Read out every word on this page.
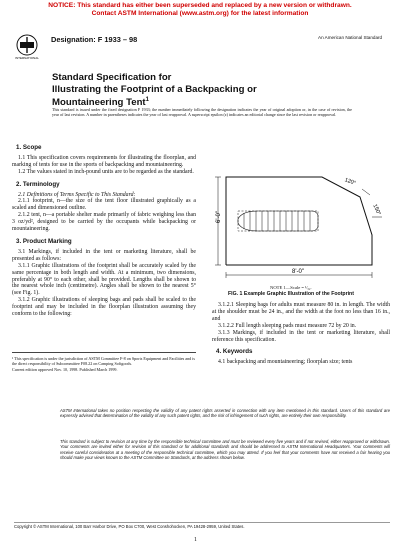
NOTICE: This standard has either been superseded and replaced by a new version or withdrawn.
Contact ASTM International (www.astm.org) for the latest information
INTERNATIONAL
Designation: F 1933 – 98	An American National Standard
Standard Specification for
Illustrating the Footprint of a Backpacking or
Mountaineering Tent$^1$
This standard is issued under the fixed designation F 1933; the number immediately following the designation indicates the year of original adoption or, in the case of revision, the year of last revision. A number in parentheses indicates the year of last reapproval. A superscript epsilon (ε) indicates an editorial change since the last revision or reapproval.
1. Scope

1.1 This specification covers requirements for illustrating the floorplan, and marking of tents for use in the sports of backpacking and mountaineering.

1.2 The values stated in inch-pound units are to be regarded as the standard.

2. Terminology

2.1 Definitions of Terms Specific to This Standard:

2.1.1 footprint, n—the size of the tent floor illustrated graphically as a scaled and dimensioned outline.

2.1.2 tent, n—a portable shelter made primarily of fabric weighing less than 3 oz/yd², designed to be carried by the occupants while backpacking or mountaineering.

3. Product Marking

3.1 Markings, if included in the tent or marketing literature, shall be presented as follows:

3.1.1 Graphic illustrations of the footprint shall be accurately scaled by the same percentage in both length and width. At a minimum, two dimensions, preferably at 90° to each other, shall be provided. Lengths shall be shown to the nearest whole inch (centimetre). Angles shall be shown to the nearest 5° (see Fig. 1).

3.1.2 Graphic illustrations of sleeping bags and pads shall be scaled to the footprint and may be included in the floorplan illustration assuming they conform to the following:

¹ This specification is under the jurisdiction of ASTM Committee F-8 on Sports Equipment and Facilities and is the direct responsibility of Subcommittee F08.22 on Camping Softgoods.

Current edition approved Nov. 10, 1998. Published March 1999.

6'-0"
8'-0"
120°
150°
NOTE 1—Scale = ¹⁄₃₂.
FIG. 1 Example Graphic Illustration of the Footprint

3.1.2.1 Sleeping bags for adults must measure 80 in. in length. The width at the shoulder must be 24 in., and the width at the foot no less than 16 in., and

3.1.2.2 Full length sleeping pads must measure 72 by 20 in.

3.1.3 Markings, if included in the tent or marketing literature, shall reference this specification.

4. Keywords

4.1 backpacking and mountaineering; floorplan size; tents

ASTM International takes no position respecting the validity of any patent rights asserted in connection with any item mentioned in this standard. Users of this standard are expressly advised that determination of the validity of any such patent rights, and the risk of infringement of such rights, are entirely their own responsibility.
This standard is subject to revision at any time by the responsible technical committee and must be reviewed every five years and if not revised, either reapproved or withdrawn. Your comments are invited either for revision of this standard or for additional standards and should be addressed to ASTM International Headquarters. Your comments will receive careful consideration at a meeting of the responsible technical committee, which you may attend. If you feel that your comments have not received a fair hearing you should make your views known to the ASTM Committee on Standards, at the address shown below.
Copyright © ASTM International, 100 Barr Harbor Drive, PO Box C700, West Conshohocken, PA 19428-2959, United States.
1
